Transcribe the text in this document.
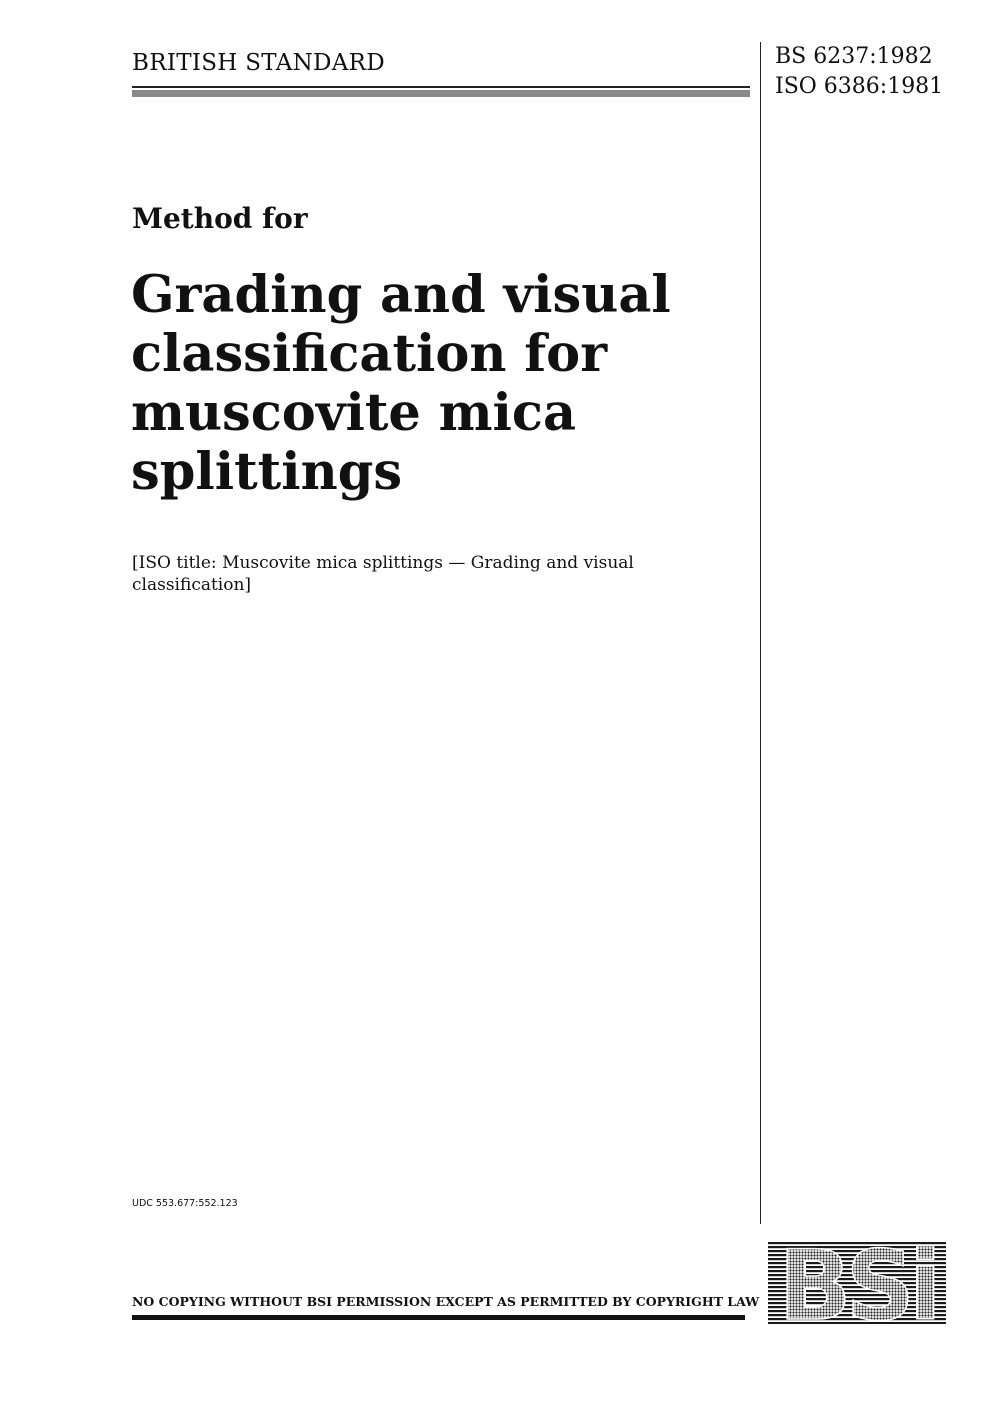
BRITISH STANDARD	BS 6237:1982
ISO 6386:1981
Method for
Grading and visual
classification for
muscovite mica
splittings
[ISO title: Muscovite mica splittings — Grading and visual classification]
UDC 553.677:552.123
NO COPYING WITHOUT BSI PERMISSION EXCEPT AS PERMITTED BY COPYRIGHT LAW BSi
